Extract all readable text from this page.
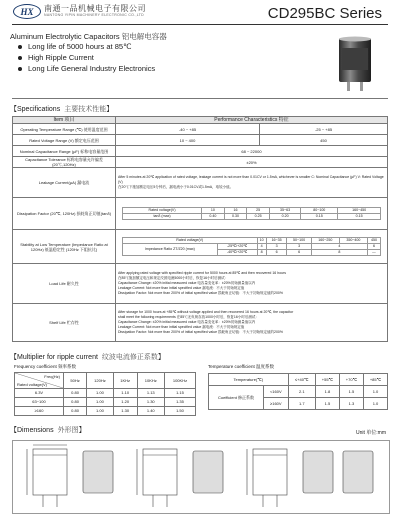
HX	南通一品机械电子有限公司
NANTONG YIPIN MACHINERY ELECTRONIC CO.,LTD	CD295BC Series
Aluminum Electrolytic Capacitors 铝电解电容器
Long life of 5000 hours at 85℃
High Ripple Current
Long Life General Industry Electronics
【Specifications 主要技术性能】
Item 项目	Performance Characteristics 特征
Operating Temperature Range (℃) 使用温度范围	-40 ~ +85	-25 ~ +85
Rated Voltage Range (V) 额定电压范围	10 ~ 400	450
Nominal Capacitance Range (μF) 标称电容量范围	68 ~ 22000
Capacitance Tolerance 标称电容量允许偏差(20℃,120Hz)	±20%
Leakage Current(μA) 漏电流	
After 5 minutes at 20℃ application of rated voltage, leakage current is not more than 0.01CV or 1.5mA, whichever is smaller C: Nominal Capacitance (μF) V: Rated Voltage (V)
在20℃下施加额定电压5分钟后，漏电流小于0.01CV或1.5mA，取较小值。

Dissipation Factor (20℃, 120Hz) 损耗角正切值(tanδ)	
Rated voltage(V)	10	16	25	35~63	80~100	160~450
tanδ (max)	0.40	0.30	0.25	0.20	0.15	0.15

Stability at Low Temperature (Impedance Ratio at 120Hz) 低温稳定性 (120Hz 下阻抗比)	
Rated voltage(V)	10	16~35	50~100	160~250	350~400	450
Impedance Ratio ZT/Z20 (max)	-25℃/+20℃	4	3	3	4	6
-40℃/+20℃	8	6	6	8	—

Load Life 耐久性	
After applying rated voltage with specified ripple current for 5000 hours at 85℃ and then recovered 16 hours
在85℃施加额定电压和规定纹波电流5000小时后，恢复16小时后测试：
Capacitance Change: ±20% initial measured value 电容量变化率：±20%初始测量值以内
Leakage Current: Not more than initial specified value 漏电流：不大于初始规定值
Dissipation Factor: Not more than 200% of initial specified value 损耗角正切值：不大于初始规定值的200%

Shelf Life 贮存性	
After storage for 1000 hours at +85℃ without voltage applied and then recovered 16 hours at 20℃, the capacitor
shall meet the following requirements 在85℃无负荷存放1000小时后，恢复16小时后测试：
Capacitance Change: ±20% initial measured value 电容量变化率：±20%初始测量值以内
Leakage Current: Not more than initial specified value 漏电流：不大于初始规定值
Dissipation Factor: Not more than 200% of initial specified value 损耗角正切值：不大于初始规定值的200%
【Multiplier for ripple current 纹波电流修正系数】
Frequency coefficient 频率系数
Freq(Hz)
Rated voltage(V)	50Hz	120Hz	1KHz	10KHz	100KHz
6.3V	0.80	1.00	1.10	1.13	1.15
63~100	0.80	1.00	1.20	1.30	1.35
≥160	0.80	1.00	1.30	1.40	1.50
Temperature coefficient 温度系数
Temperature(℃)		≤+40℃	+55℃	+70℃	+85℃
Coefficient 修正系数	<160V	2.1	1.8	1.5	1.0
	≥160V	1.7	1.5	1.3	1.0
【Dimensions 外形图】	Unit 单位:mm
